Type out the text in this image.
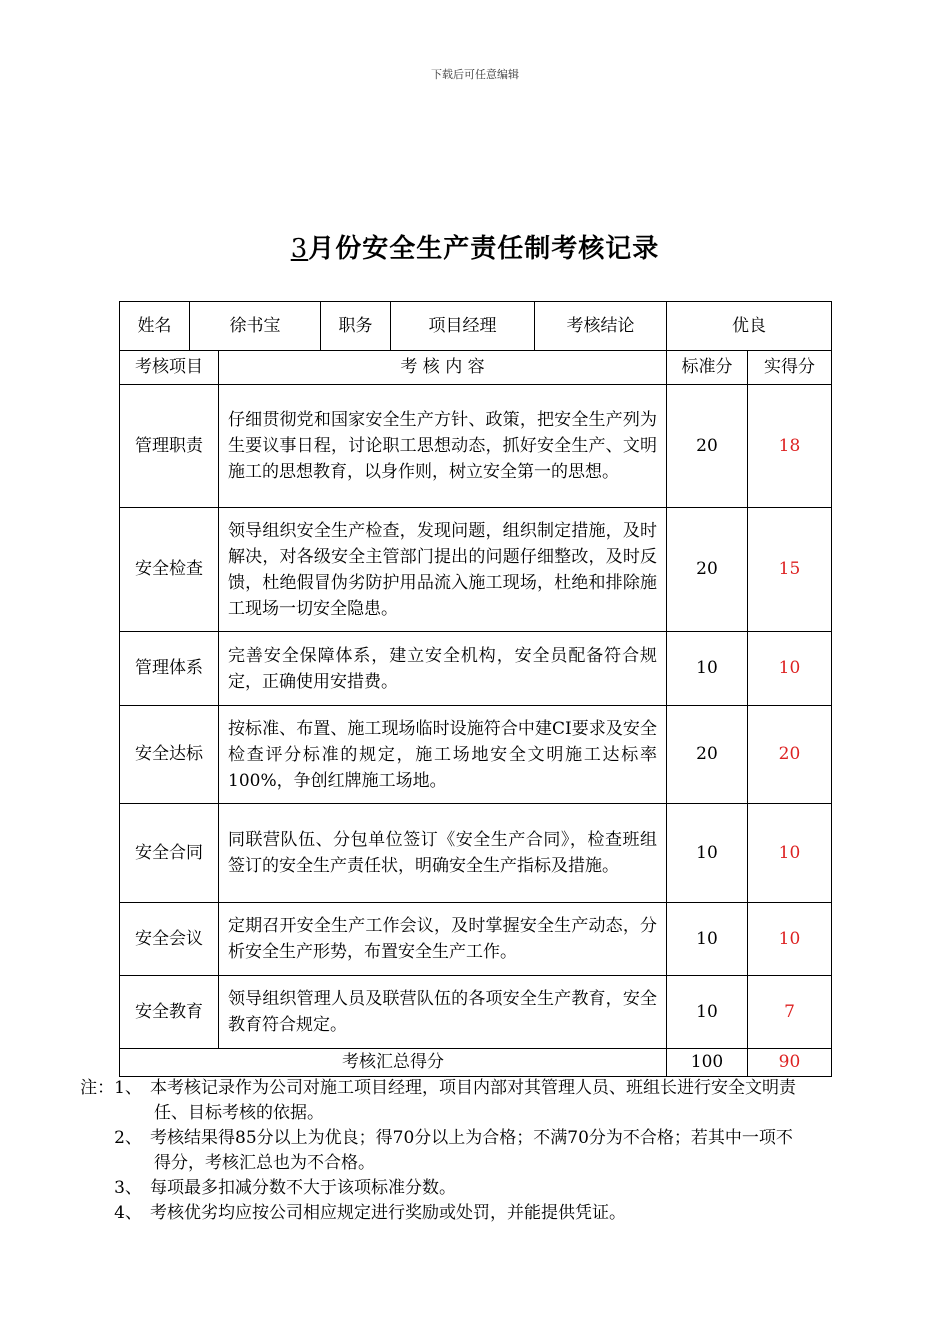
下载后可任意编辑
3月份安全生产责任制考核记录
姓名	徐书宝		职务	项目经理	考核结论	优良	
考核项目		考 核 内 容				标准分	实得分
管理职责		仔细贯彻党和国家安全生产方针、政策，把安全生产列为生要议事日程，讨论职工思想动态，抓好安全生产、文明施工的思想教育，以身作则，树立安全第一的思想。				20	18
安全检查		领导组织安全生产检查，发现问题，组织制定措施，及时解决，对各级安全主管部门提出的问题仔细整改，及时反馈，杜绝假冒伪劣防护用品流入施工现场，杜绝和排除施工现场一切安全隐患。				20	15
管理体系		完善安全保障体系，建立安全机构，安全员配备符合规定，正确使用安措费。				10	10
安全达标		按标准、布置、施工现场临时设施符合中建CI要求及安全检查评分标准的规定，施工场地安全文明施工达标率100%，争创红牌施工场地。				20	20
安全合同		同联营队伍、分包单位签订《安全生产合同》，检查班组签订的安全生产责任状，明确安全生产指标及措施。				10	10
安全会议		定期召开安全生产工作会议，及时掌握安全生产动态，分析安全生产形势，布置安全生产工作。				10	10
安全教育		领导组织管理人员及联营队伍的各项安全生产教育，安全教育符合规定。				10	7
考核汇总得分						100	90
注：1、 本考核记录作为公司对施工项目经理，项目内部对其管理人员、班组长进行安全文明责
任、目标考核的依据。
2、 考核结果得85分以上为优良；得70分以上为合格；不满70分为不合格；若其中一项不
得分，考核汇总也为不合格。
3、 每项最多扣减分数不大于该项标准分数。
4、 考核优劣均应按公司相应规定进行奖励或处罚，并能提供凭证。
